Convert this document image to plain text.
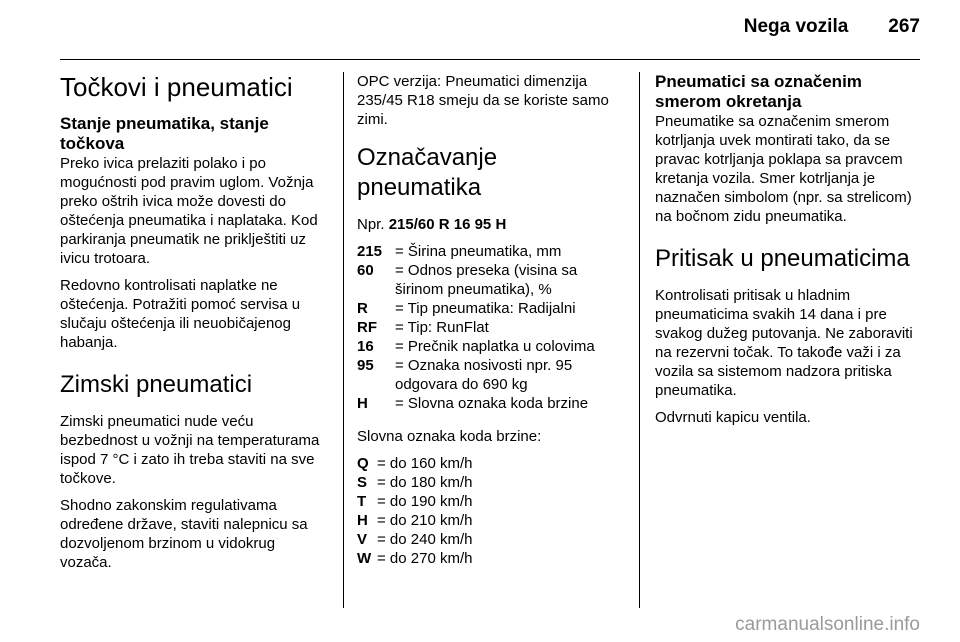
Nega vozila 267
Točkovi i pneumatici
Stanje pneumatika, stanje točkova

Preko ivica prelaziti polako i po mogućnosti pod pravim uglom. Vožnja preko oštrih ivica može dovesti do oštećenja pneumatika i naplataka. Kod parkiranja pneumatik ne priklještiti uz ivicu trotoara.

Redovno kontrolisati naplatke ne oštećenja. Potražiti pomoć servisa u slučaju oštećenja ili neuobičajenog habanja.

Zimski pneumatici

Zimski pneumatici nude veću bezbednost u vožnji na temperaturama ispod 7 °C i zato ih treba staviti na sve točkove.

Shodno zakonskim regulativama određene države, staviti nalepnicu sa dozvoljenom brzinom u vidokrug vozača.

OPC verzija: Pneumatici dimenzija 235/45 R18 smeju da se koriste samo zimi.

Označavanje pneumatika

Npr. 215/60 R 16 95 H

215 = Širina pneumatika, mm
60	= Odnos preseka (visina sa širinom pneumatika), %
R	= Tip pneumatika: Radijalni
RF	= Tip: RunFlat
16	= Prečnik naplatka u colovima
95	= Oznaka nosivosti npr. 95 odgovara do 690 kg
H	= Slovna oznaka koda brzine

Slovna oznaka koda brzine:

Q = do 160 km/h
S = do 180 km/h
T = do 190 km/h
H = do 210 km/h
V = do 240 km/h
W = do 270 km/h
Pneumatici sa označenim smerom okretanja

Pneumatike sa označenim smerom kotrljanja uvek montirati tako, da se pravac kotrljanja poklapa sa pravcem kretanja vozila. Smer kotrljanja je naznačen simbolom (npr. sa strelicom) na bočnom zidu pneumatika.

Pritisak u pneumaticima

Kontrolisati pritisak u hladnim pneumaticima svakih 14 dana i pre svakog dužeg putovanja. Ne zaboraviti na rezervni točak. To takođe važi i za vozila sa sistemom nadzora pritiska pneumatika.

Odvrnuti kapicu ventila.

carmanualsonline.info
